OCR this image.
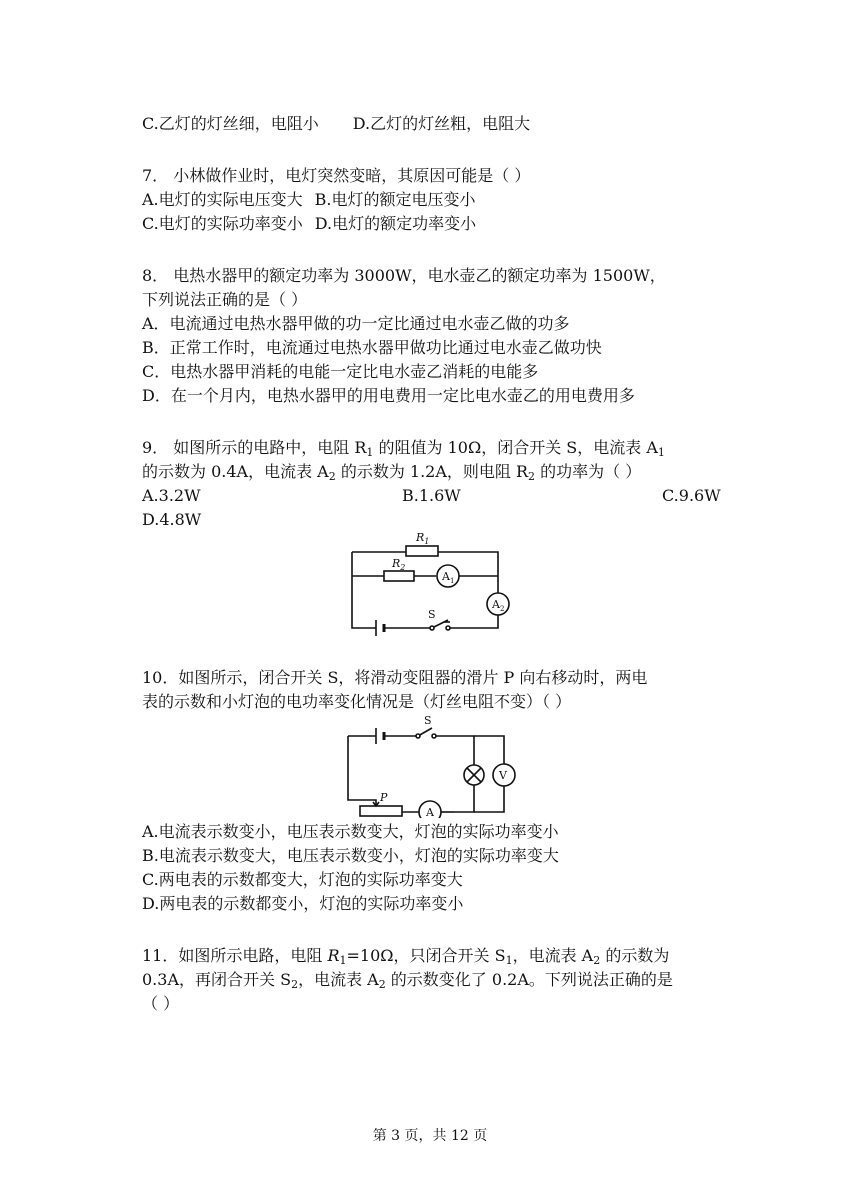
C.乙灯的灯丝细，电阻小 D.乙灯的灯丝粗，电阻大
7． 小林做作业时，电灯突然变暗，其原因可能是（ ）
A.电灯的实际电压变大 B.电灯的额定电压变小
C.电灯的实际功率变小 D.电灯的额定功率变小
8． 电热水器甲的额定功率为 3000W，电水壶乙的额定功率为 1500W，
下列说法正确的是（ ）
A．电流通过电热水器甲做的功一定比通过电水壶乙做的功多
B．正常工作时，电流通过电热水器甲做功比通过电水壶乙做功快
C．电热水器甲消耗的电能一定比电水壶乙消耗的电能多
D．在一个月内，电热水器甲的用电费用一定比电水壶乙的用电费用多
9． 如图所示的电路中，电阻 $R_1$ 的阻值为 10Ω，闭合开关 S，电流表 $A_1$
的示数为 0.4A，电流表 $A_2$ 的示数为 1.2A，则电阻 $R_2$ 的功率为（ ）
A.3.2W	B.1.6W	C.9.6W
D.4.8W
$R_1$
$R_2$
$A_1$
$A_2$
S
10．如图所示，闭合开关 S，将滑动变阻器的滑片 P 向右移动时，两电
表的示数和小灯泡的电功率变化情况是（灯丝电阻不变）（ ）
S
P
A
V
A.电流表示数变小，电压表示数变大，灯泡的实际功率变小
B.电流表示数变大，电压表示数变小，灯泡的实际功率变大
C.两电表的示数都变大，灯泡的实际功率变大
D.两电表的示数都变小，灯泡的实际功率变小
11．如图所示电路，电阻 $R_1=10\Omega$，只闭合开关 $S_1$，电流表 $A_2$ 的示数为
0.3A，再闭合开关 $S_2$，电流表 $A_2$ 的示数变化了 0.2A。下列说法正确的是
（ ）
第 3 页，共 12 页
